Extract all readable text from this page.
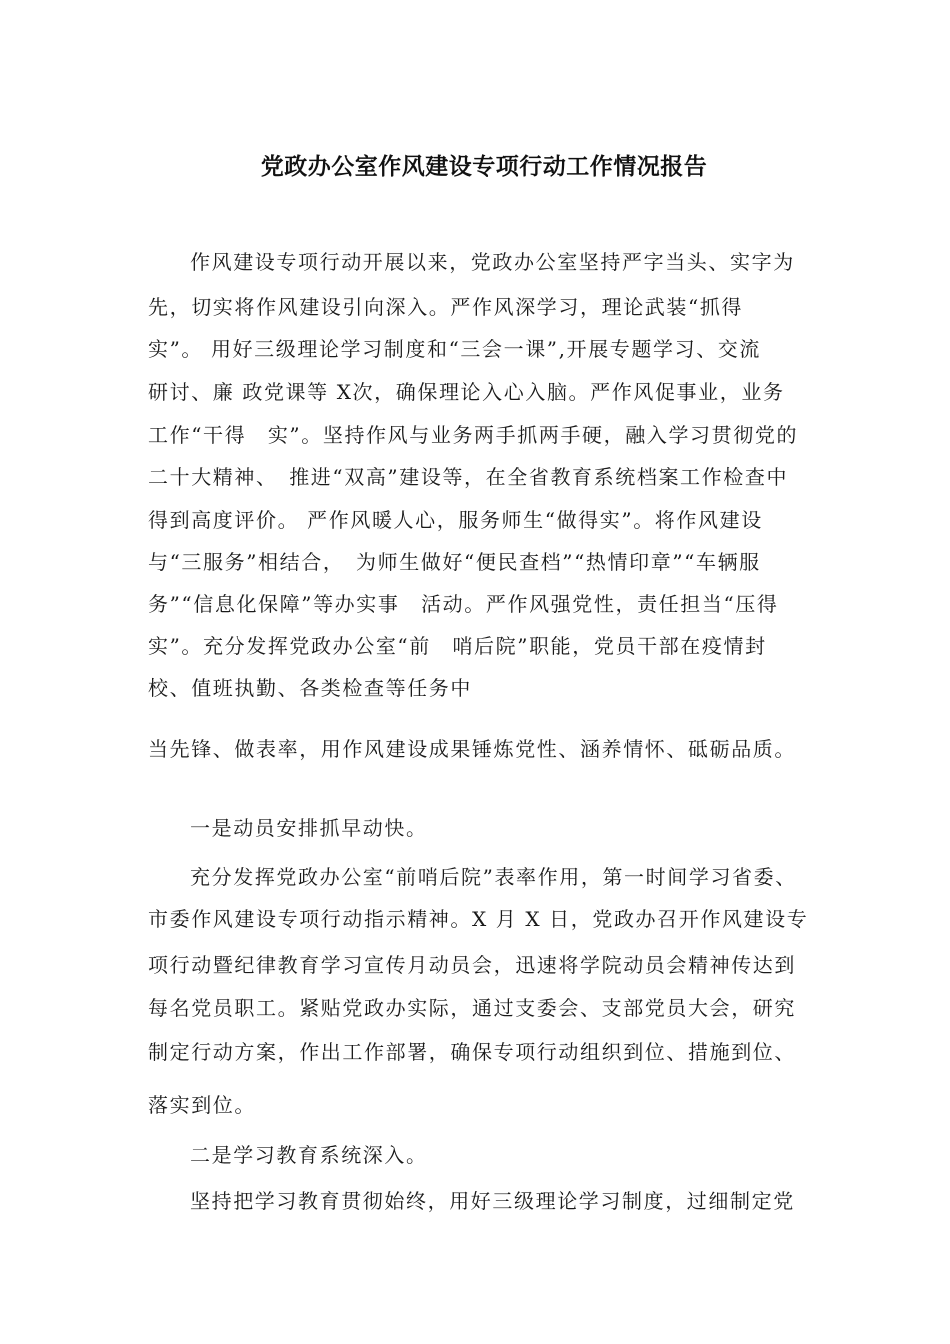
党政办公室作风建设专项行动工作情况报告
作风建设专项行动开展以来，党政办公室坚持严字当头、实字为
先，切实将作风建设引向深入。严作风深学习，理论武装“抓得
实”。 用好三级理论学习制度和“三会一课”,开展专题学习、交流
研讨、廉 政党课等 X次，确保理论入心入脑。严作风促事业，业务
工作“干得　实”。坚持作风与业务两手抓两手硬，融入学习贯彻党的
二十大精神、　推进“双高”建设等，在全省教育系统档案工作检查中
得到高度评价。 严作风暖人心，服务师生“做得实”。将作风建设
与“三服务”相结合，　为师生做好“便民查档”“热情印章”“车辆服
务”“信息化保障”等办实事　活动。严作风强党性，责任担当“压得
实”。充分发挥党政办公室“前　哨后院”职能，党员干部在疫情封
校、值班执勤、各类检查等任务中
当先锋、做表率，用作风建设成果锤炼党性、涵养情怀、砥砺品质。
一是动员安排抓早动快。
充分发挥党政办公室“前哨后院”表率作用，第一时间学习省委、
市委作风建设专项行动指示精神。X 月 X 日，党政办召开作风建设专
项行动暨纪律教育学习宣传月动员会，迅速将学院动员会精神传达到
每名党员职工。紧贴党政办实际，通过支委会、支部党员大会，研究
制定行动方案，作出工作部署，确保专项行动组织到位、措施到位、
落实到位。
二是学习教育系统深入。
坚持把学习教育贯彻始终，用好三级理论学习制度，过细制定党
